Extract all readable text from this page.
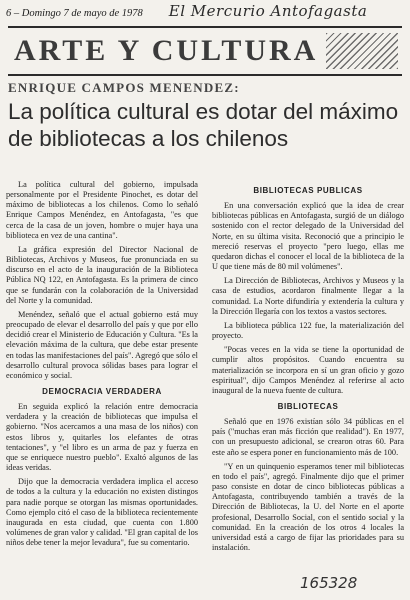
6 – Domingo 7 de mayo de 1978 El Mercurio Antofagasta
ARTE Y CULTURA
ENRIQUE CAMPOS MENENDEZ:
La política cultural es dotar del máximo de bibliotecas a los chilenos

La política cultural del gobierno, impulsada personalmente por el Presidente Pinochet, es dotar del máximo de bibliotecas a los chilenos. Como lo señaló Enrique Campos Menéndez, en Antofagasta, "es que cerca de la casa de un joven, hombre o mujer haya una biblioteca en vez de una cantina".

La gráfica expresión del Director Nacional de Bibliotecas, Archivos y Museos, fue pronunciada en su discurso en el acto de la inauguración de la Biblioteca Pública NQ 122, en Antofagasta. Es la primera de cinco que se fundarán con la colaboración de la Universidad del Norte y la comunidad.

Menéndez, señaló que el actual gobierno está muy preocupado de elevar el desarrollo del país y que por ello decidió crear el Ministerio de Educación y Cultura. "Es la elevación máxima de la cultura, que debe estar presente en todas las manifestaciones del país". Agregó que sólo el desarrollo cultural provoca sólidas bases para lograr el económico y social.

DEMOCRACIA VERDADERA

En seguida explicó la relación entre democracia verdadera y la creación de bibliotecas que impulsa el gobierno. "Nos acercamos a una masa de los niños) con estos libros y, quitarles los elefantes de otras tentaciones", y "el libro es un arma de paz y fuerza en que se enriquece nuestro pueblo". Exaltó algunos de las ideas veridas.

Dijo que la democracia verdadera implica el acceso de todos a la cultura y la educación no existen distingos para nadie porque se otorgan las mismas oportunidades. Como ejemplo citó el caso de la biblioteca recientemente inaugurada en esta ciudad, que cuenta con 1.800 volúmenes de gran valor y calidad. "El gran capital de los niños debe tener la mejor levadura", fue su comentario.

BIBLIOTECAS PUBLICAS

En una conversación explicó que la idea de crear bibliotecas públicas en Antofagasta, surgió de un diálogo sostenido con el rector delegado de la Universidad del Norte, en su última visita. Reconoció que a principio le mereció reservas el proyecto "pero luego, ellas me quedaron dichas el conocer el local de la biblioteca de la U que tiene más de 80 mil volúmenes".

La Dirección de Bibliotecas, Archivos y Museos y la casa de estudios, acordaron finalmente llegar a la comunidad. La Norte difundiría y extendería la cultura y la Dirección llegaría con los textos a vastos sectores.

La biblioteca pública 122 fue, la materialización del proyecto.

"Pocas veces en la vida se tiene la oportunidad de cumplir altos propósitos. Cuando encuentra su materialización se incorpora en sí un gran oficio y gozo espiritual", dijo Campos Menéndez al referirse al acto inaugural de la nueva fuente de cultura.

BIBLIOTECAS

Señaló que en 1976 existían sólo 34 públicas en el país ("muchas eran más ficción que realidad"). En 1977, con un presupuesto adicional, se crearon otras 60. Para este año se espera poner en funcionamiento más de 100.

"Y en un quinquenio esperamos tener mil bibliotecas en todo el país", agregó. Finalmente dijo que el primer paso consiste en dotar de cinco bibliotecas públicas a Antofagasta, contribuyendo también a través de la Dirección de Bibliotecas, la U. del Norte en el aporte profesional, Desarrollo Social, con el sentido social y la comunidad. En la creación de los otros 4 locales la universidad está a cargo de fijar las prioridades para su instalación.

165328
